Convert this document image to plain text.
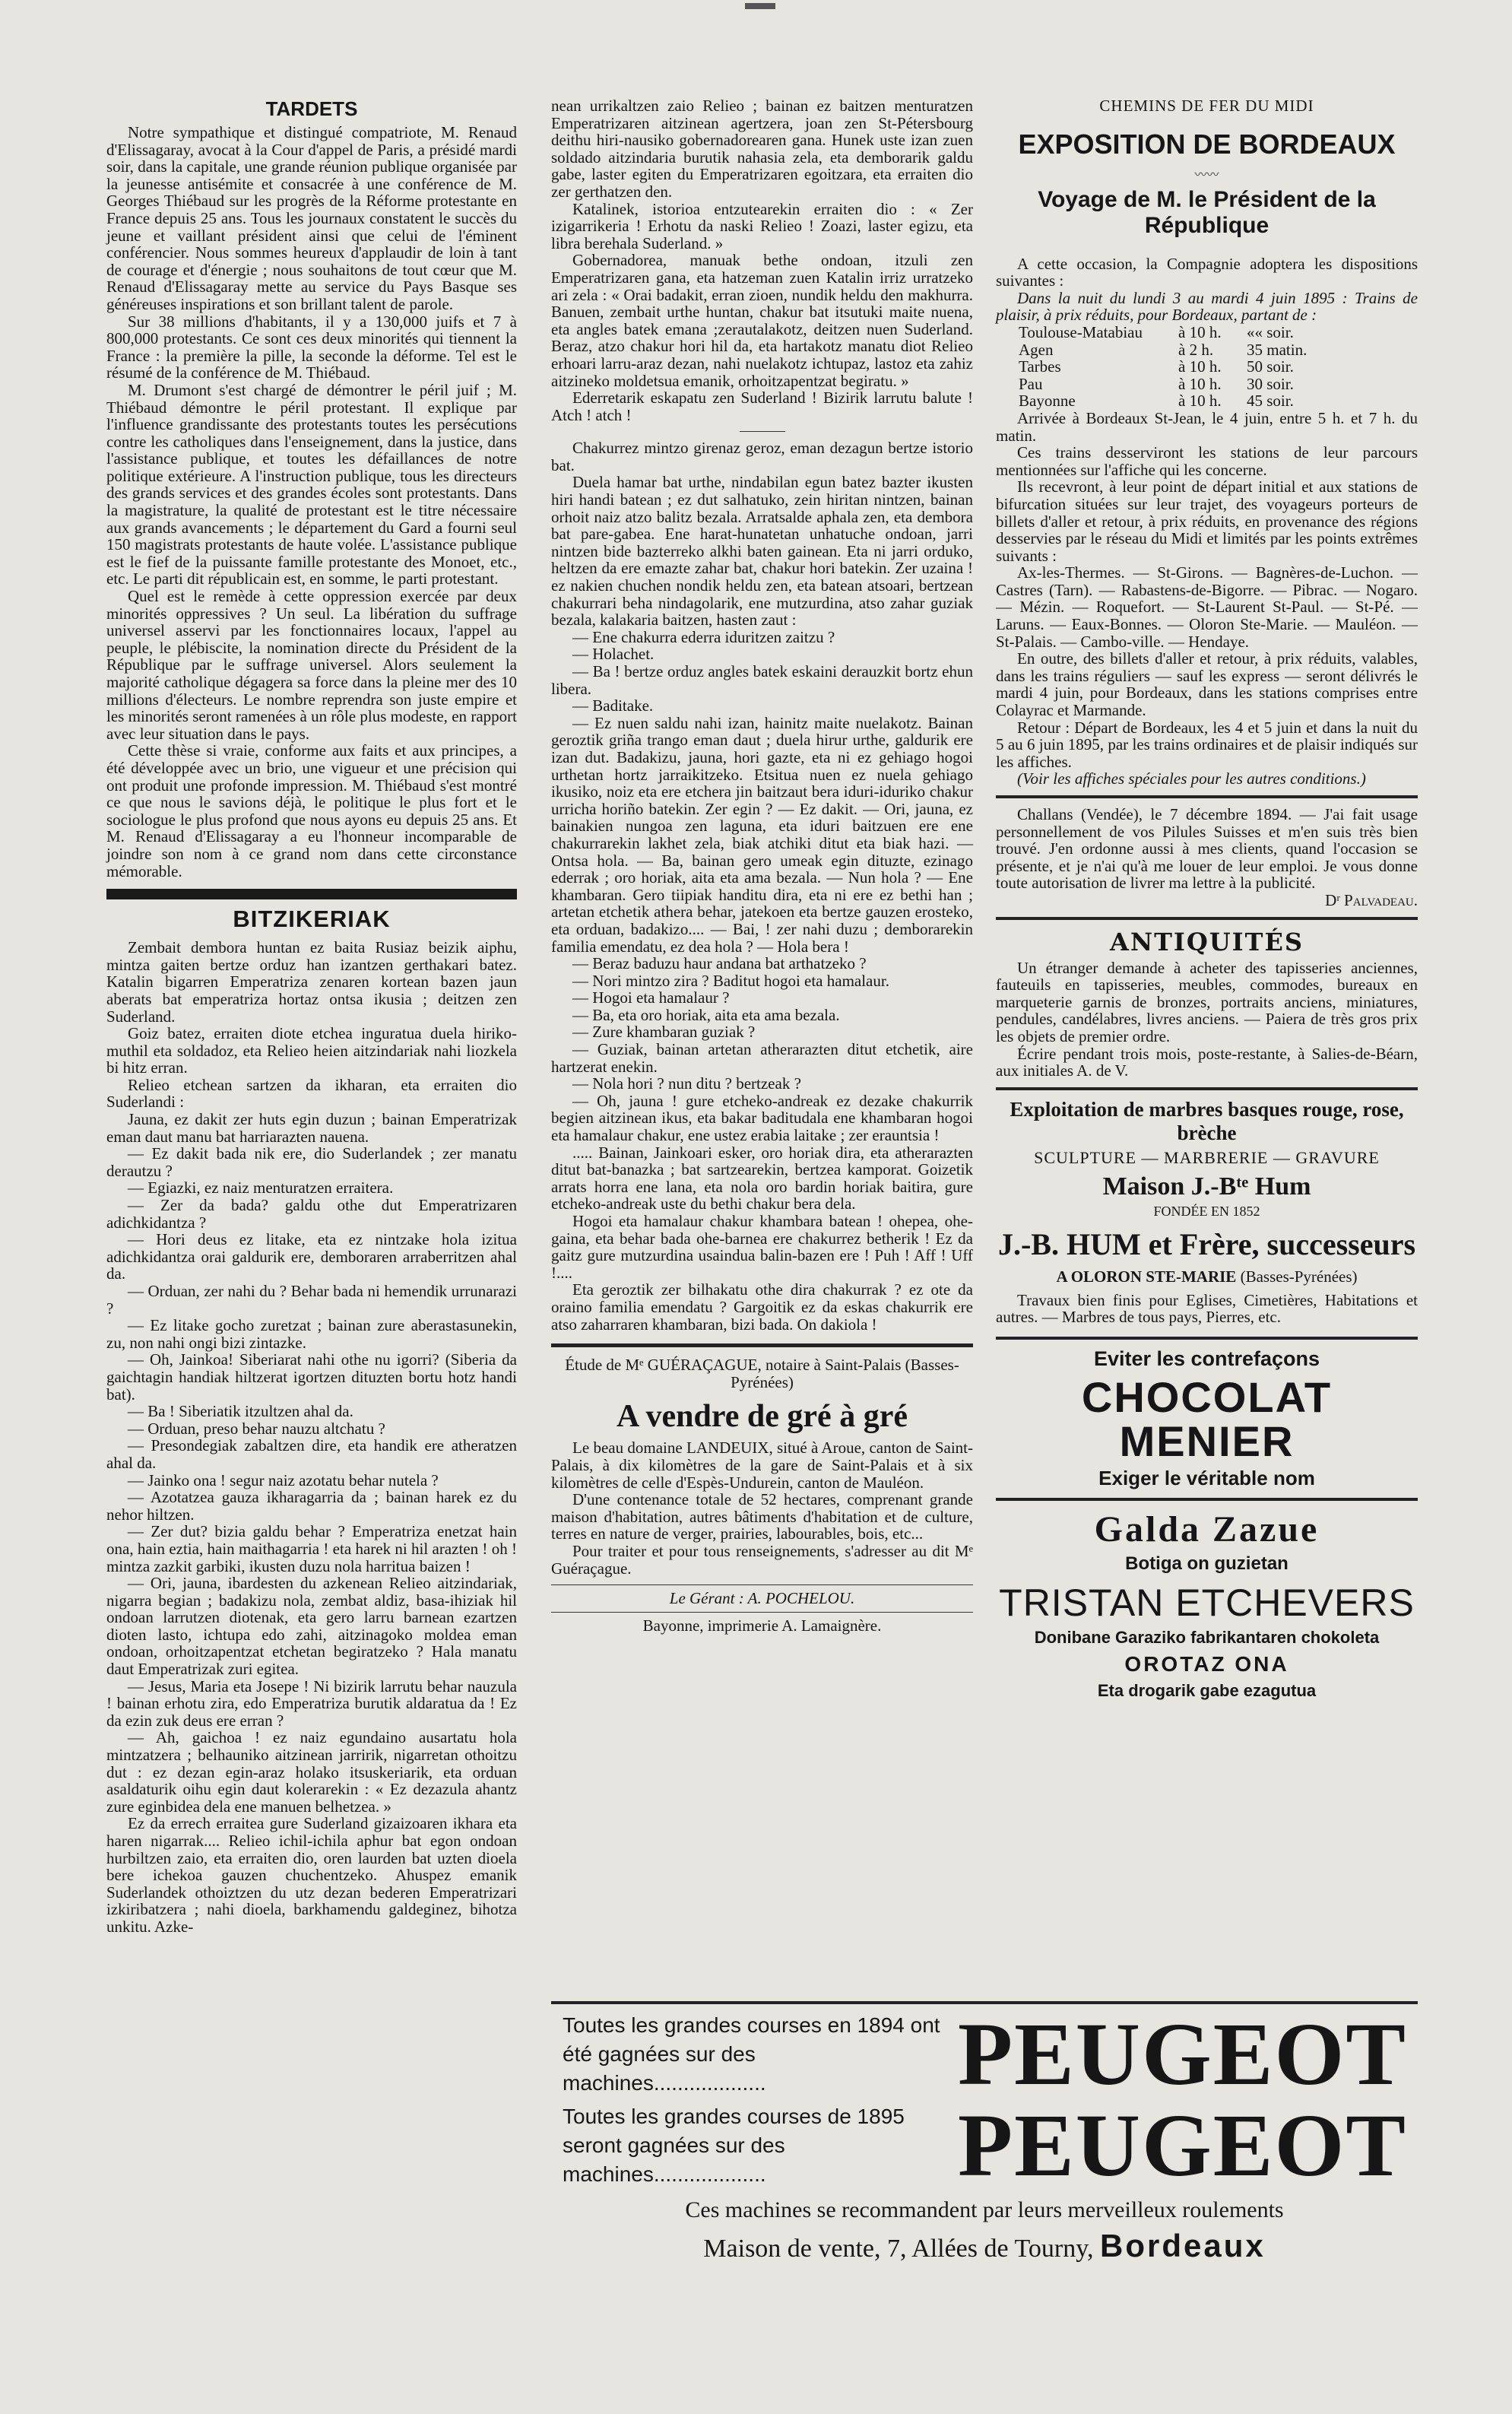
TARDETS

Notre sympathique et distingué compatriote, M. Renaud d'Elissagaray, avocat à la Cour d'appel de Paris, a présidé mardi soir, dans la capitale, une grande réunion publique organisée par la jeunesse antisémite et consacrée à une conférence de M. Georges Thiébaud sur les progrès de la Réforme protestante en France depuis 25 ans. Tous les journaux constatent le succès du jeune et vaillant président ainsi que celui de l'éminent conférencier. Nous sommes heureux d'applaudir de loin à tant de courage et d'énergie ; nous souhaitons de tout cœur que M. Renaud d'Elissagaray mette au service du Pays Basque ses généreuses inspirations et son brillant talent de parole.

Sur 38 millions d'habitants, il y a 130,000 juifs et 7 à 800,000 protestants. Ce sont ces deux minorités qui tiennent la France : la première la pille, la seconde la déforme. Tel est le résumé de la conférence de M. Thiébaud.

M. Drumont s'est chargé de démontrer le péril juif ; M. Thiébaud démontre le péril protestant. Il explique par l'influence grandissante des protestants toutes les persécutions contre les catholiques dans l'enseignement, dans la justice, dans l'assistance publique, et toutes les défaillances de notre politique extérieure. A l'instruction publique, tous les directeurs des grands services et des grandes écoles sont protestants. Dans la magistrature, la qualité de protestant est le titre nécessaire aux grands avancements ; le département du Gard a fourni seul 150 magistrats protestants de haute volée. L'assistance publique est le fief de la puissante famille protestante des Monoet, etc., etc. Le parti dit républicain est, en somme, le parti protestant.

Quel est le remède à cette oppression exercée par deux minorités oppressives ? Un seul. La libération du suffrage universel asservi par les fonctionnaires locaux, l'appel au peuple, le plébiscite, la nomination directe du Président de la République par le suffrage universel. Alors seulement la majorité catholique dégagera sa force dans la pleine mer des 10 millions d'électeurs. Le nombre reprendra son juste empire et les minorités seront ramenées à un rôle plus modeste, en rapport avec leur situation dans le pays.

Cette thèse si vraie, conforme aux faits et aux principes, a été développée avec un brio, une vigueur et une précision qui ont produit une profonde impression. M. Thiébaud s'est montré ce que nous le savions déjà, le politique le plus fort et le sociologue le plus profond que nous ayons eu depuis 25 ans. Et M. Renaud d'Elissagaray a eu l'honneur incomparable de joindre son nom à ce grand nom dans cette circonstance mémorable.

BITZIKERIAK

Zembait dembora huntan ez baita Rusiaz beizik aiphu, mintza gaiten bertze orduz han izantzen gerthakari batez. Katalin bigarren Emperatriza zenaren kortean bazen jaun aberats bat emperatriza hortaz ontsa ikusia ; deitzen zen Suderland.

Goiz batez, erraiten diote etchea inguratua duela hiriko-muthil eta soldadoz, eta Relieo heien aitzindariak nahi liozkela bi hitz erran.

Relieo etchean sartzen da ikharan, eta erraiten dio Suderlandi :

Jauna, ez dakit zer huts egin duzun ; bainan Emperatrizak eman daut manu bat harriarazten nauena.

— Ez dakit bada nik ere, dio Suderlandek ; zer manatu derautzu ?

— Egiazki, ez naiz menturatzen erraitera.

— Zer da bada? galdu othe dut Emperatrizaren adichkidantza ?

— Hori deus ez litake, eta ez nintzake hola izitua adichkidantza orai galdurik ere, demboraren arraberritzen ahal da.

— Orduan, zer nahi du ? Behar bada ni hemendik urrunarazi ?

— Ez litake gocho zuretzat ; bainan zure aberastasunekin, zu, non nahi ongi bizi zintazke.

— Oh, Jainkoa! Siberiarat nahi othe nu igorri? (Siberia da gaichtagin handiak hiltzerat igortzen dituzten bortu hotz handi bat).

— Ba ! Siberiatik itzultzen ahal da.

— Orduan, preso behar nauzu altchatu ?

— Presondegiak zabaltzen dire, eta handik ere atheratzen ahal da.

— Jainko ona ! segur naiz azotatu behar nutela ?

— Azotatzea gauza ikharagarria da ; bainan harek ez du nehor hiltzen.

— Zer dut? bizia galdu behar ? Emperatriza enetzat hain ona, hain eztia, hain maithagarria ! eta harek ni hil arazten ! oh ! mintza zazkit garbiki, ikusten duzu nola harritua baizen !

— Ori, jauna, ibardesten du azkenean Relieo aitzindariak, nigarra begian ; badakizu nola, zembat aldiz, basa-ihiziak hil ondoan larrutzen diotenak, eta gero larru barnean ezartzen dioten lasto, ichtupa edo zahi, aitzinagoko moldea eman ondoan, orhoitzapentzat etchetan begiratzeko ? Hala manatu daut Emperatrizak zuri egitea.

— Jesus, Maria eta Josepe ! Ni bizirik larrutu behar nauzula ! bainan erhotu zira, edo Emperatriza burutik aldaratua da ! Ez da ezin zuk deus ere erran ?

— Ah, gaichoa ! ez naiz egundaino ausartatu hola mintzatzera ; belhauniko aitzinean jarririk, nigarretan othoitzu dut : ez dezan egin-araz holako itsuskeriarik, eta orduan asaldaturik oihu egin daut kolerarekin : « Ez dezazula ahantz zure eginbidea dela ene manuen belhetzea. »

Ez da errech erraitea gure Suderland gizaizoaren ikhara eta haren nigarrak.... Relieo ichil-ichila aphur bat egon ondoan hurbiltzen zaio, eta erraiten dio, oren laurden bat uzten dioela bere ichekoa gauzen chuchentzeko. Ahuspez emanik Suderlandek othoiztzen du utz dezan bederen Emperatrizari izkiribatzera ; nahi dioela, barkhamendu galdeginez, bihotza unkitu. Azke-

nean urrikaltzen zaio Relieo ; bainan ez baitzen menturatzen Emperatrizaren aitzinean agertzera, joan zen St-Pétersbourg deithu hiri-nausiko gobernadorearen gana. Hunek uste izan zuen soldado aitzindaria burutik nahasia zela, eta demborarik galdu gabe, laster egiten du Emperatrizaren egoitzara, eta erraiten dio zer gerthatzen den.

Katalinek, istorioa entzutearekin erraiten dio : « Zer izigarrikeria ! Erhotu da naski Relieo ! Zoazi, laster egizu, eta libra berehala Suderland. »

Gobernadorea, manuak bethe ondoan, itzuli zen Emperatrizaren gana, eta hatzeman zuen Katalin irriz urratzeko ari zela : « Orai badakit, erran zioen, nundik heldu den makhurra. Banuen, zembait urthe huntan, chakur bat itsutuki maite nuena, eta angles batek emana ;zerautalakotz, deitzen nuen Suderland. Beraz, atzo chakur hori hil da, eta hartakotz manatu diot Relieo erhoari larru-araz dezan, nahi nuelakotz ichtupaz, lastoz eta zahiz aitzineko moldetsua emanik, orhoitzapentzat begiratu. »

Ederretarik eskapatu zen Suderland ! Bizirik larrutu balute ! Atch ! atch !

Chakurrez mintzo girenaz geroz, eman dezagun bertze istorio bat.

Duela hamar bat urthe, nindabilan egun batez bazter ikusten hiri handi batean ; ez dut salhatuko, zein hiritan nintzen, bainan orhoit naiz atzo balitz bezala. Arratsalde aphala zen, eta dembora bat pare-gabea. Ene harat-hunatetan unhatuche ondoan, jarri nintzen bide bazterreko alkhi baten gainean. Eta ni jarri orduko, heltzen da ere emazte zahar bat, chakur hori batekin. Zer uzaina ! ez nakien chuchen nondik heldu zen, eta batean atsoari, bertzean chakurrari beha nindagolarik, ene mutzurdina, atso zahar guziak bezala, kalakaria baitzen, hasten zaut :

— Ene chakurra ederra iduritzen zaitzu ?

— Holachet.

— Ba ! bertze orduz angles batek eskaini derauzkit bortz ehun libera.

— Baditake.

— Ez nuen saldu nahi izan, hainitz maite nuelakotz. Bainan geroztik griña trango eman daut ; duela hirur urthe, galdurik ere izan dut. Badakizu, jauna, hori gazte, eta ni ez gehiago hogoi urthetan hortz jarraikitzeko. Etsitua nuen ez nuela gehiago ikusiko, noiz eta ere etchera jin baitzaut bera iduri-iduriko chakur urricha horiño batekin. Zer egin ? — Ez dakit. — Ori, jauna, ez bainakien nungoa zen laguna, eta iduri baitzuen ere ene chakurrarekin lakhet zela, biak atchiki ditut eta biak hazi. — Ontsa hola. — Ba, bainan gero umeak egin dituzte, ezinago ederrak ; oro horiak, aita eta ama bezala. — Nun hola ? — Ene khambaran. Gero tiipiak handitu dira, eta ni ere ez bethi han ; artetan etchetik athera behar, jatekoen eta bertze gauzen erosteko, eta orduan, badakizo.... — Bai, ! zer nahi duzu ; demborarekin familia emendatu, ez dea hola ? — Hola bera !

— Beraz baduzu haur andana bat arthatzeko ?

— Nori mintzo zira ? Baditut hogoi eta hamalaur.

— Hogoi eta hamalaur ?

— Ba, eta oro horiak, aita eta ama bezala.

— Zure khambaran guziak ?

— Guziak, bainan artetan atherarazten ditut etchetik, aire hartzerat enekin.

— Nola hori ? nun ditu ? bertzeak ?

— Oh, jauna ! gure etcheko-andreak ez dezake chakurrik begien aitzinean ikus, eta bakar baditudala ene khambaran hogoi eta hamalaur chakur, ene ustez erabia laitake ; zer erauntsia !

..... Bainan, Jainkoari esker, oro horiak dira, eta atherarazten ditut bat-banazka ; bat sartzearekin, bertzea kamporat. Goizetik arrats horra ene lana, eta nola oro bardin horiak baitira, gure etcheko-andreak uste du bethi chakur bera dela.

Hogoi eta hamalaur chakur khambara batean ! ohepea, ohe-gaina, eta behar bada ohe-barnea ere chakurrez betherik ! Ez da gaitz gure mutzurdina usaindua balin-bazen ere ! Puh ! Aff ! Uff !....

Eta geroztik zer bilhakatu othe dira chakurrak ? ez ote da oraino familia emendatu ? Gargoitik ez da eskas chakurrik ere atso zaharraren khambaran, bizi bada. On dakiola !

Étude de Mᵉ GUÉRAÇAGUE, notaire à Saint-Palais (Basses-Pyrénées)

A vendre de gré à gré

Le beau domaine LANDEUIX, situé à Aroue, canton de Saint-Palais, à dix kilomètres de la gare de Saint-Palais et à six kilomètres de celle d'Espès-Undurein, canton de Mauléon.

D'une contenance totale de 52 hectares, comprenant grande maison d'habitation, autres bâtiments d'habitation et de culture, terres en nature de verger, prairies, labourables, bois, etc...

Pour traiter et pour tous renseignements, s'adresser au dit Mᵉ Guéraçague.

Le Gérant : A. POCHELOU.

Bayonne, imprimerie A. Lamaignère.

CHEMINS DE FER DU MIDI

EXPOSITION DE BORDEAUX
〰〰
Voyage de M. le Président de la République

A cette occasion, la Compagnie adoptera les dispositions suivantes :

Dans la nuit du lundi 3 au mardi 4 juin 1895 : Trains de plaisir, à prix réduits, pour Bordeaux, partant de :

Toulouse-Matabiau	à 10 h.	«« soir.
Agen	à 2 h.	35 matin.
Tarbes	à 10 h.	50 soir.
Pau	à 10 h.	30 soir.
Bayonne	à 10 h.	45 soir.

Arrivée à Bordeaux St-Jean, le 4 juin, entre 5 h. et 7 h. du matin.

Ces trains desserviront les stations de leur parcours mentionnées sur l'affiche qui les concerne.

Ils recevront, à leur point de départ initial et aux stations de bifurcation situées sur leur trajet, des voyageurs porteurs de billets d'aller et retour, à prix réduits, en provenance des régions desservies par le réseau du Midi et limités par les points extrêmes suivants :

Ax-les-Thermes. — St-Girons. — Bagnères-de-Luchon. — Castres (Tarn). — Rabastens-de-Bigorre. — Pibrac. — Nogaro. — Mézin. — Roquefort. — St-Laurent St-Paul. — St-Pé. — Laruns. — Eaux-Bonnes. — Oloron Ste-Marie. — Mauléon. — St-Palais. — Cambo-ville. — Hendaye.

En outre, des billets d'aller et retour, à prix réduits, valables, dans les trains réguliers — sauf les express — seront délivrés le mardi 4 juin, pour Bordeaux, dans les stations comprises entre Colayrac et Marmande.

Retour : Départ de Bordeaux, les 4 et 5 juin et dans la nuit du 5 au 6 juin 1895, par les trains ordinaires et de plaisir indiqués sur les affiches.

(Voir les affiches spéciales pour les autres conditions.)

Challans (Vendée), le 7 décembre 1894. — J'ai fait usage personnellement de vos Pilules Suisses et m'en suis très bien trouvé. J'en ordonne aussi à mes clients, quand l'occasion se présente, et je n'ai qu'à me louer de leur emploi. Je vous donne toute autorisation de livrer ma lettre à la publicité.

Dʳ Palvadeau.

ANTIQUITÉS

Un étranger demande à acheter des tapisseries anciennes, fauteuils en tapisseries, meubles, commodes, bureaux en marqueterie garnis de bronzes, portraits anciens, miniatures, pendules, candélabres, livres anciens. — Paiera de très gros prix les objets de premier ordre.

Écrire pendant trois mois, poste-restante, à Salies-de-Béarn, aux initiales A. de V.

Exploitation de marbres basques rouge, rose, brèche

SCULPTURE — MARBRERIE — GRAVURE

Maison J.-Bᵗᵉ Hum

FONDÉE EN 1852

J.-B. HUM et Frère, successeurs

A OLORON STE-MARIE (Basses-Pyrénées)

Travaux bien finis pour Eglises, Cimetières, Habitations et autres. — Marbres de tous pays, Pierres, etc.

Eviter les contrefaçons
CHOCOLAT
MENIER
Exiger le véritable nom
Galda Zazue
Botiga on guzietan
TRISTAN ETCHEVERS
Donibane Garaziko fabrikantaren chokoleta
OROTAZ ONA
Eta drogarik gabe ezagutua
Toutes les grandes courses en 1894 ont été gagnées sur des machines...................	PEUGEOT
Toutes les grandes courses de 1895 seront gagnées sur des machines...................	PEUGEOT
Ces machines se recommandent par leurs merveilleux roulements
Maison de vente, 7, Allées de Tourny, Bordeaux
